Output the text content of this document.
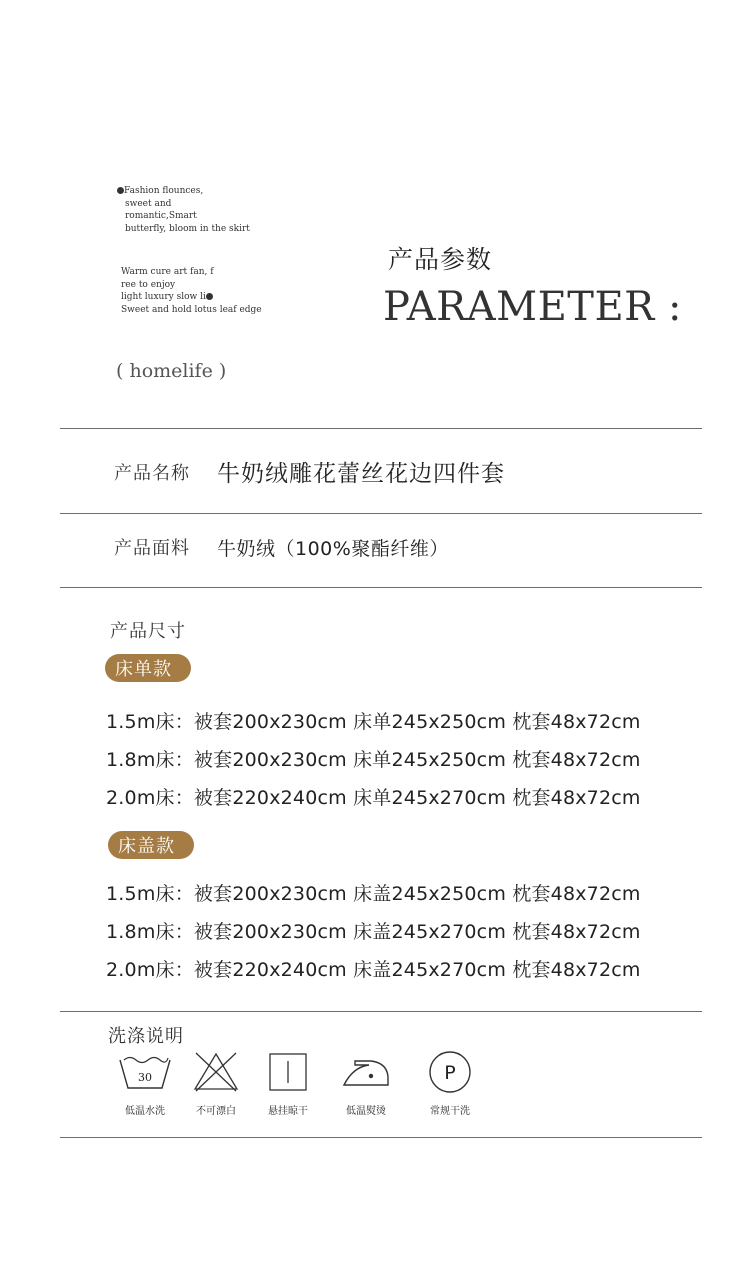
Fashion flounces,
sweet and
romantic,Smart
butterfly, bloom in the skirt
Warm cure art fan, f
ree to enjoy
light luxury slow li
Sweet and hold lotus leaf edge
产品参数
PARAMETER :
( homelife )
产品名称 牛奶绒雕花蕾丝花边四件套
产品面料 牛奶绒（100%聚酯纤维）
产品尺寸
床单款
1.5m床：被套200x230cm 床单245x250cm 枕套48x72cm
1.8m床：被套200x230cm 床单245x250cm 枕套48x72cm
2.0m床：被套220x240cm 床单245x270cm 枕套48x72cm
床盖款
1.5m床：被套200x230cm 床盖245x250cm 枕套48x72cm
1.8m床：被套200x230cm 床盖245x270cm 枕套48x72cm
2.0m床：被套220x240cm 床盖245x270cm 枕套48x72cm
洗涤说明
30
低温水洗	不可漂白	悬挂晾干	低温熨烫
P
常规干洗
